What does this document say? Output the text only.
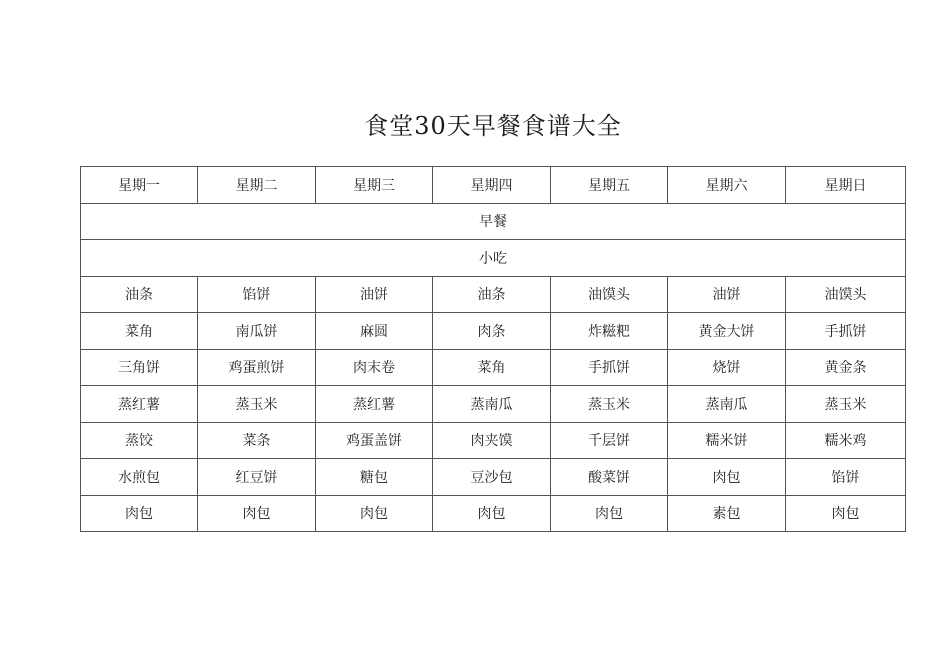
食堂30天早餐食谱大全
星期一	星期二	星期三	星期四	星期五	星期六	星期日
早餐						
小吃						
油条	馅饼	油饼	油条	油馍头	油饼	油馍头
菜角	南瓜饼	麻圆	肉条	炸糍粑	黄金大饼	手抓饼
三角饼	鸡蛋煎饼	肉末卷	菜角	手抓饼	烧饼	黄金条
蒸红薯	蒸玉米	蒸红薯	蒸南瓜	蒸玉米	蒸南瓜	蒸玉米
蒸饺	菜条	鸡蛋盖饼	肉夹馍	千层饼	糯米饼	糯米鸡
水煎包	红豆饼	糖包	豆沙包	酸菜饼	肉包	馅饼
肉包	肉包	肉包	肉包	肉包	素包	肉包
